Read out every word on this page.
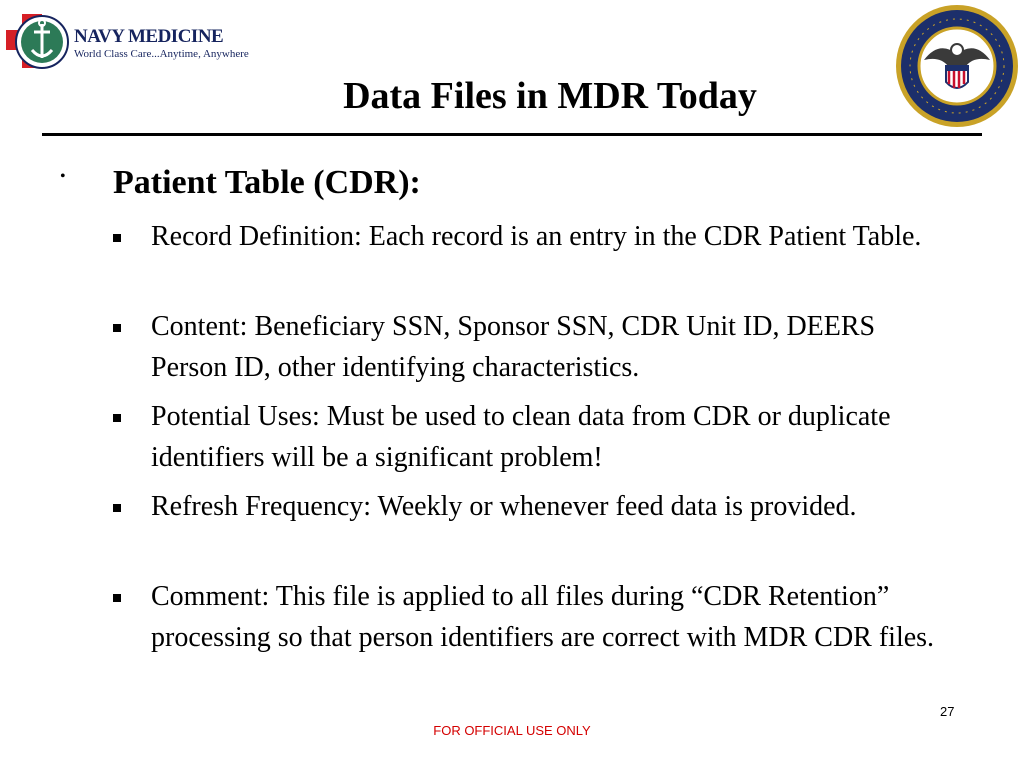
NAVY MEDICINE
World Class Care...Anytime, Anywhere
Data Files in MDR Today
• Patient Table (CDR):
Record Definition: Each record is an entry in the CDR Patient Table.
Content: Beneficiary SSN, Sponsor SSN, CDR Unit ID, DEERS Person ID, other identifying characteristics.
Potential Uses: Must be used to clean data from CDR or duplicate identifiers will be a significant problem!
Refresh Frequency: Weekly or whenever feed data is provided.
Comment: This file is applied to all files during “CDR Retention” processing so that person identifiers are correct with MDR CDR files.
27
FOR OFFICIAL USE ONLY
